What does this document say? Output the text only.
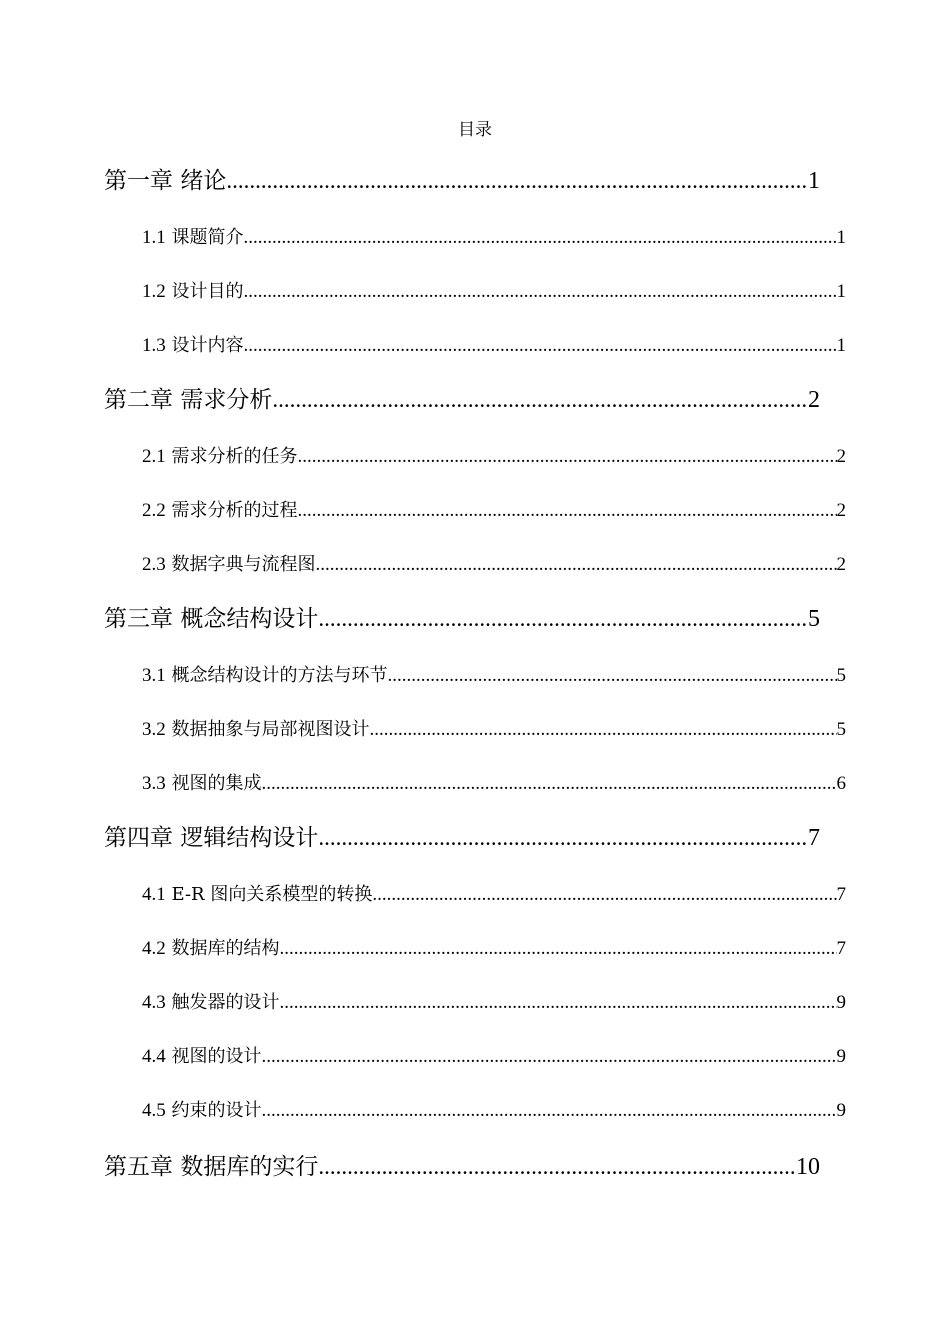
目录
第一章 绪论 .....	1
1.1 课题简介 .....	1
1.2 设计目的 .....	1
1.3 设计内容 .....	1
第二章 需求分析 .....	2
2.1 需求分析的任务 .....	2
2.2 需求分析的过程 .....	2
2.3 数据字典与流程图 .....	2
第三章 概念结构设计 .....	5
3.1 概念结构设计的方法与环节 .....	5
3.2 数据抽象与局部视图设计 .....	5
3.3 视图的集成 .....	6
第四章 逻辑结构设计 .....	7
4.1 E-R 图向关系模型的转换 .....	7
4.2 数据库的结构 .....	7
4.3 触发器的设计 .....	9
4.4 视图的设计 .....	9
4.5 约束的设计 .....	9
第五章 数据库的实行 .....	10
